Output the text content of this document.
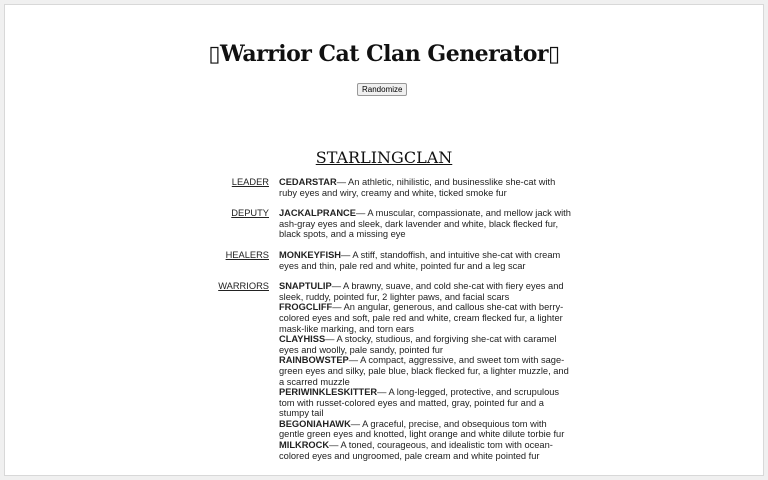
▯Warrior Cat Clan Generator▯
Randomize
STARLINGCLAN
LEADER CEDARSTAR— An athletic, nihilistic, and businesslike she-cat with ruby eyes and wiry, creamy and white, ticked smoke fur
DEPUTY JACKALPRANCE— A muscular, compassionate, and mellow jack with ash-gray eyes and sleek, dark lavender and white, black flecked fur, black spots, and a missing eye
HEALERS MONKEYFISH— A stiff, standoffish, and intuitive she-cat with cream eyes and thin, pale red and white, pointed fur and a leg scar
WARRIORS SNAPTULIP— A brawny, suave, and cold she-cat with fiery eyes and sleek, ruddy, pointed fur, 2 lighter paws, and facial scars
FROGCLIFF— An angular, generous, and callous she-cat with berry-colored eyes and soft, pale red and white, cream flecked fur, a lighter mask-like marking, and torn ears
CLAYHISS— A stocky, studious, and forgiving she-cat with caramel eyes and woolly, pale sandy, pointed fur
RAINBOWSTEP— A compact, aggressive, and sweet tom with sage-green eyes and silky, pale blue, black flecked fur, a lighter muzzle, and a scarred muzzle
PERIWINKLESKITTER— A long-legged, protective, and scrupulous tom with russet-colored eyes and matted, gray, pointed fur and a stumpy tail
BEGONIAHAWK— A graceful, precise, and obsequious tom with gentle green eyes and knotted, light orange and white dilute torbie fur
MILKROCK— A toned, courageous, and idealistic tom with ocean-colored eyes and ungroomed, pale cream and white pointed fur
